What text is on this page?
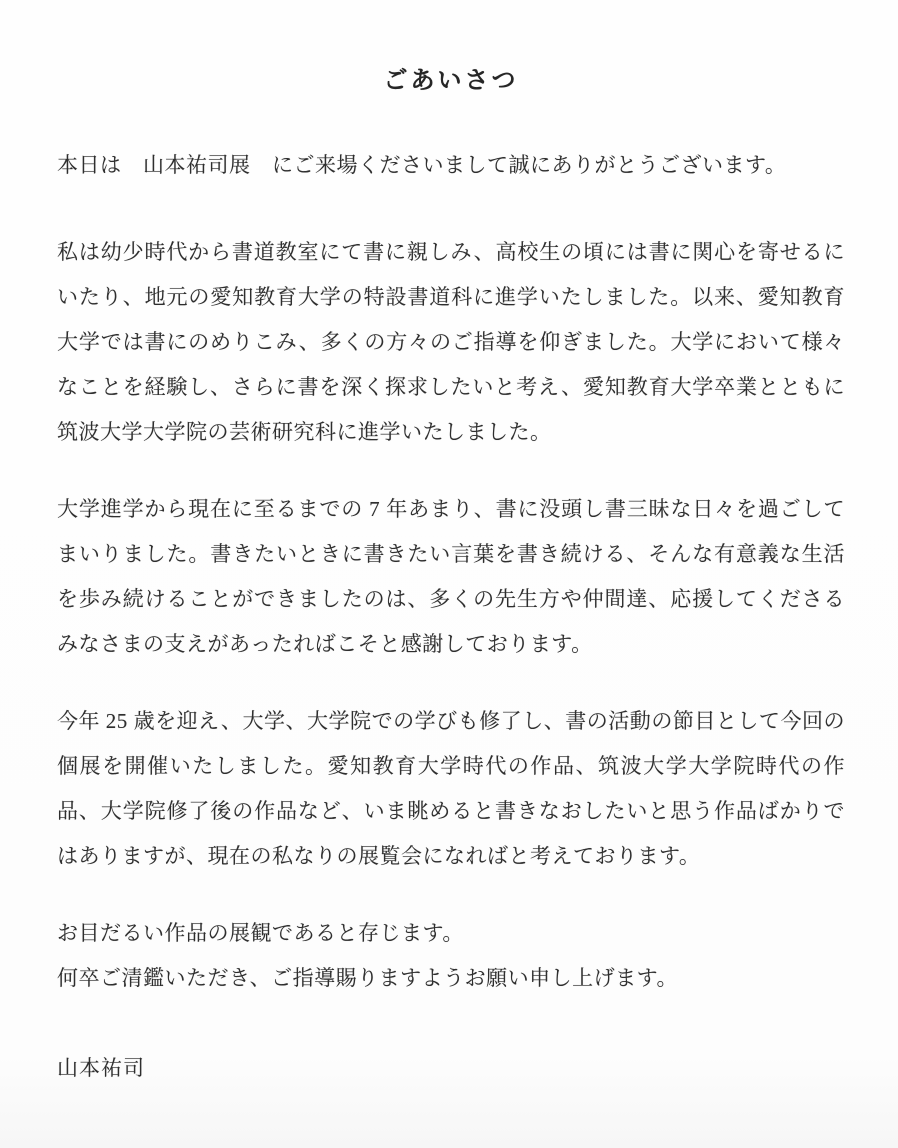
ごあいさつ

本日は　山本祐司展　にご来場くださいまして誠にありがとうございます。

私は幼少時代から書道教室にて書に親しみ、高校生の頃には書に関心を寄せるにいたり、地元の愛知教育大学の特設書道科に進学いたしました。以来、愛知教育大学では書にのめりこみ、多くの方々のご指導を仰ぎました。大学において様々なことを経験し、さらに書を深く探求したいと考え、愛知教育大学卒業とともに筑波大学大学院の芸術研究科に進学いたしました。

大学進学から現在に至るまでの 7 年あまり、書に没頭し書三昧な日々を過ごしてまいりました。書きたいときに書きたい言葉を書き続ける、そんな有意義な生活を歩み続けることができましたのは、多くの先生方や仲間達、応援してくださるみなさまの支えがあったればこそと感謝しております。

今年 25 歳を迎え、大学、大学院での学びも修了し、書の活動の節目として今回の個展を開催いたしました。愛知教育大学時代の作品、筑波大学大学院時代の作品、大学院修了後の作品など、いま眺めると書きなおしたいと思う作品ばかりではありますが、現在の私なりの展覧会になればと考えております。

お目だるい作品の展観であると存じます。

何卒ご清鑑いただき、ご指導賜りますようお願い申し上げます。

山本祐司
